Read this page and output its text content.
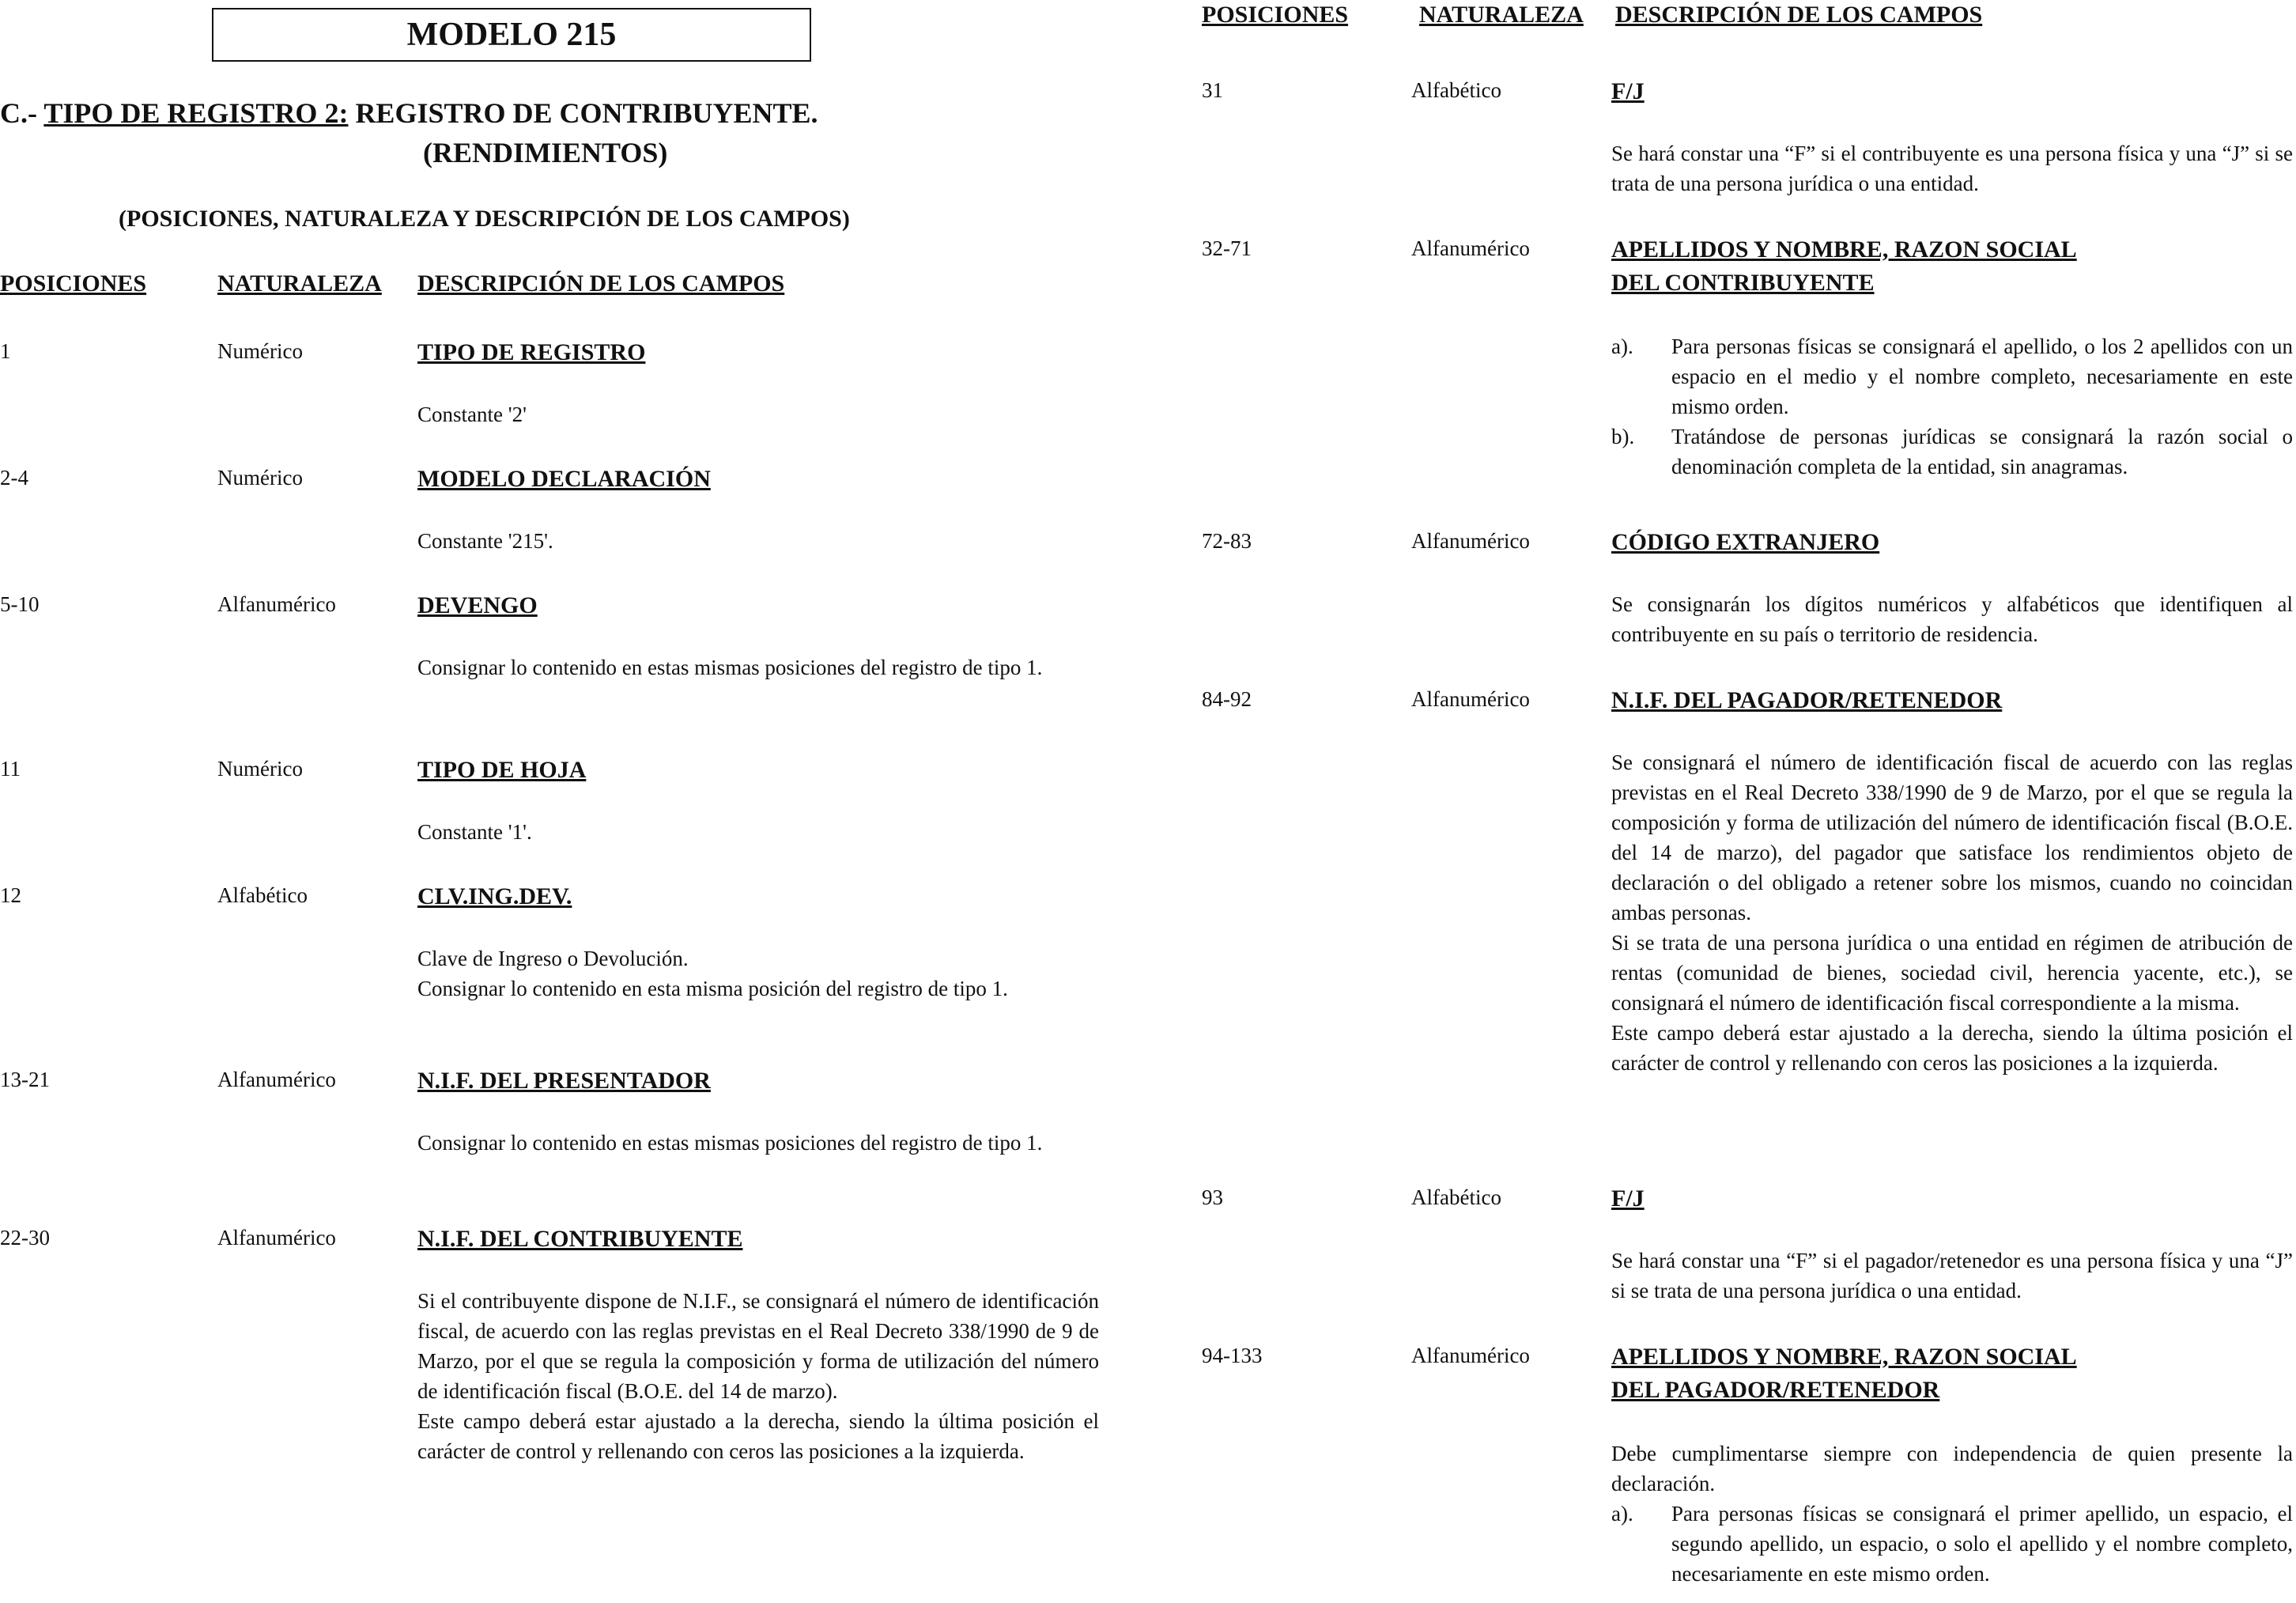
MODELO 215
C.- TIPO DE REGISTRO 2: REGISTRO DE CONTRIBUYENTE.
(RENDIMIENTOS)
(POSICIONES, NATURALEZA Y DESCRIPCIÓN DE LOS CAMPOS)
POSICIONES	NATURALEZA DESCRIPCIÓN DE LOS CAMPOS
1	Numérico	TIPO DE REGISTRO

Constante '2'

2-4	Numérico	MODELO DECLARACIÓN

Constante '215'.

5-10	Alfanumérico	DEVENGO

Consignar lo contenido en estas mismas posiciones del registro de tipo 1.

11	Numérico	TIPO DE HOJA

Constante '1'.

12	Alfabético	CLV.ING.DEV.

Clave de Ingreso o Devolución.

Consignar lo contenido en esta misma posición del registro de tipo 1.

13-21	Alfanumérico	N.I.F. DEL PRESENTADOR

Consignar lo contenido en estas mismas posiciones del registro de tipo 1.

22-30	Alfanumérico	N.I.F. DEL CONTRIBUYENTE

Si el contribuyente dispone de N.I.F., se consignará el número de identificación fiscal, de acuerdo con las reglas previstas en el Real Decreto 338/1990 de 9 de Marzo, por el que se regula la composición y forma de utilización del número de identificación fiscal (B.O.E. del 14 de marzo).

Este campo deberá estar ajustado a la derecha, siendo la última posición el carácter de control y rellenando con ceros las posiciones a la izquierda.

POSICIONES	NATURALEZA DESCRIPCIÓN DE LOS CAMPOS
31	Alfabético	F/J

Se hará constar una “F” si el contribuyente es una persona física y una “J” si se trata de una persona jurídica o una entidad.

32-71	Alfanumérico	APELLIDOS Y NOMBRE, RAZON SOCIAL
DEL CONTRIBUYENTE
a). Para personas físicas se consignará el apellido, o los 2 apellidos con un espacio en el medio y el nombre completo, necesariamente en este mismo orden.
b). Tratándose de personas jurídicas se consignará la razón social o denominación completa de la entidad, sin anagramas.
72-83	Alfanumérico	CÓDIGO EXTRANJERO

Se consignarán los dígitos numéricos y alfabéticos que identifiquen al contribuyente en su país o territorio de residencia.

84-92	Alfanumérico	N.I.F. DEL PAGADOR/RETENEDOR

Se consignará el número de identificación fiscal de acuerdo con las reglas previstas en el Real Decreto 338/1990 de 9 de Marzo, por el que se regula la composición y forma de utilización del número de identificación fiscal (B.O.E. del 14 de marzo), del pagador que satisface los rendimientos objeto de declaración o del obligado a retener sobre los mismos, cuando no coincidan ambas personas.

Si se trata de una persona jurídica o una entidad en régimen de atribución de rentas (comunidad de bienes, sociedad civil, herencia yacente, etc.), se consignará el número de identificación fiscal correspondiente a la misma.

Este campo deberá estar ajustado a la derecha, siendo la última posición el carácter de control y rellenando con ceros las posiciones a la izquierda.

93	Alfabético	F/J

Se hará constar una “F” si el pagador/retenedor es una persona física y una “J” si se trata de una persona jurídica o una entidad.

94-133	Alfanumérico	APELLIDOS Y NOMBRE, RAZON SOCIAL
DEL PAGADOR/RETENEDOR

Debe cumplimentarse siempre con independencia de quien presente la declaración.

a). Para personas físicas se consignará el primer apellido, un espacio, el segundo apellido, un espacio, o solo el apellido y el nombre completo, necesariamente en este mismo orden.
